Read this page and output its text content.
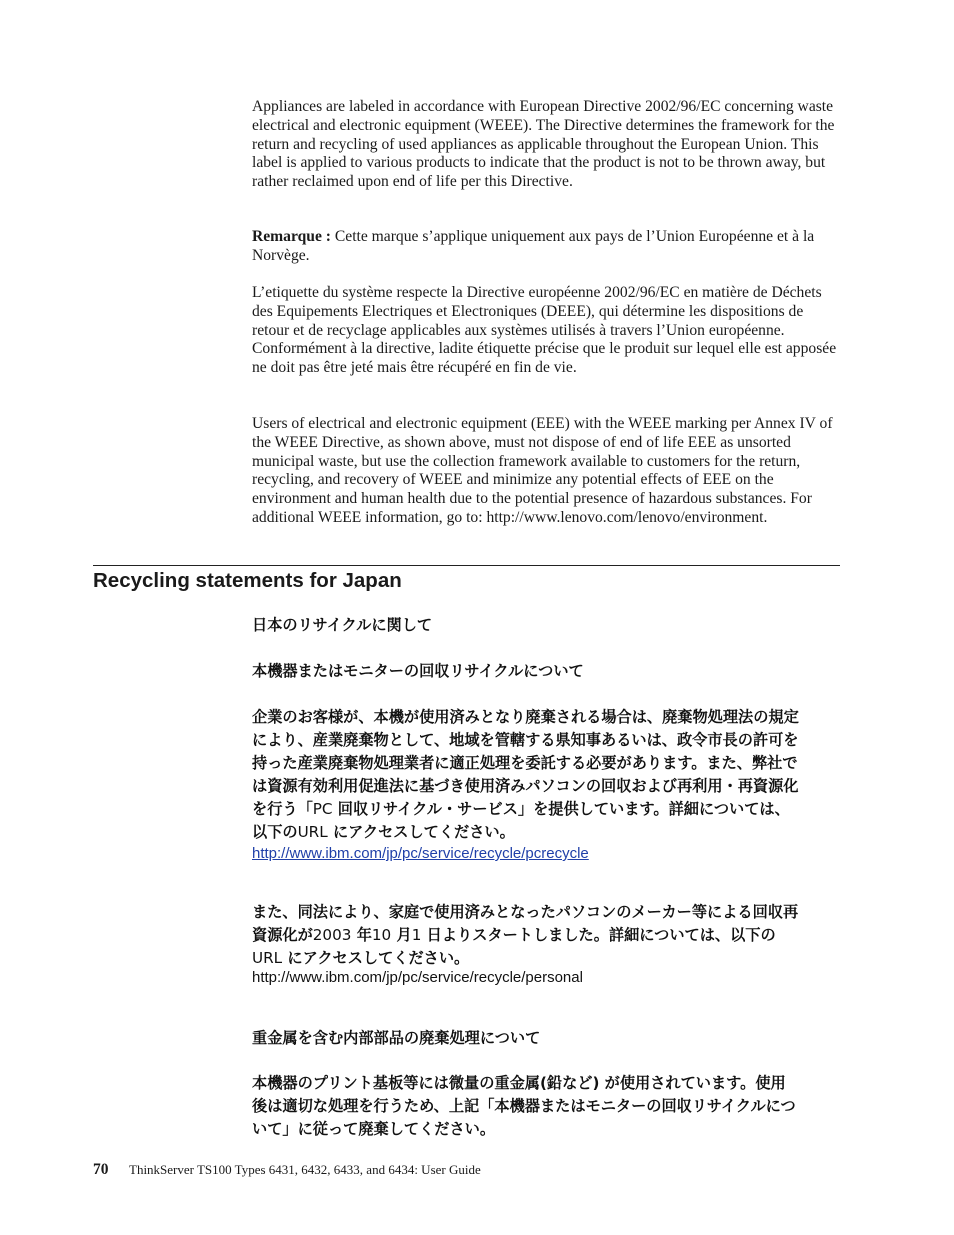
Appliances are labeled in accordance with European Directive 2002/96/EC concerning waste electrical and electronic equipment (WEEE). The Directive determines the framework for the return and recycling of used appliances as applicable throughout the European Union. This label is applied to various products to indicate that the product is not to be thrown away, but rather reclaimed upon end of life per this Directive.

Remarque : Cette marque s’applique uniquement aux pays de l’Union Européenne et à la Norvège.

L’etiquette du système respecte la Directive européenne 2002/96/EC en matière de Déchets des Equipements Electriques et Electroniques (DEEE), qui détermine les dispositions de retour et de recyclage applicables aux systèmes utilisés à travers l’Union européenne. Conformément à la directive, ladite étiquette précise que le produit sur lequel elle est apposée ne doit pas être jeté mais être récupéré en fin de vie.

Users of electrical and electronic equipment (EEE) with the WEEE marking per Annex IV of the WEEE Directive, as shown above, must not dispose of end of life EEE as unsorted municipal waste, but use the collection framework available to customers for the return, recycling, and recovery of WEEE and minimize any potential effects of EEE on the environment and human health due to the potential presence of hazardous substances. For additional WEEE information, go to: http://www.lenovo.com/lenovo/environment.

Recycling statements for Japan

日本のリサイクルに関して

本機器またはモニターの回収リサイクルについて

企業のお客様が、本機が使用済みとなり廃棄される場合は、廃棄物処理法の規定
により、産業廃棄物として、地域を管轄する県知事あるいは、政令市長の許可を
持った産業廃棄物処理業者に適正処理を委託する必要があります。また、弊社で
は資源有効利用促進法に基づき使用済みパソコンの回収および再利用・再資源化
を行う「PC 回収リサイクル・サービス」を提供しています。詳細については、
以下のURL にアクセスしてください。
http://www.ibm.com/jp/pc/service/recycle/pcrecycle
また、同法により、家庭で使用済みとなったパソコンのメーカー等による回収再
資源化が2003 年10 月1 日よりスタートしました。詳細については、以下の
URL にアクセスしてください。
http://www.ibm.com/jp/pc/service/recycle/personal

重金属を含む内部部品の廃棄処理について

本機器のプリント基板等には微量の重金属(鉛など) が使用されています。使用
後は適切な処理を行うため、上記「本機器またはモニターの回収リサイクルにつ
いて」に従って廃棄してください。
70 ThinkServer TS100 Types 6431, 6432, 6433, and 6434: User Guide
